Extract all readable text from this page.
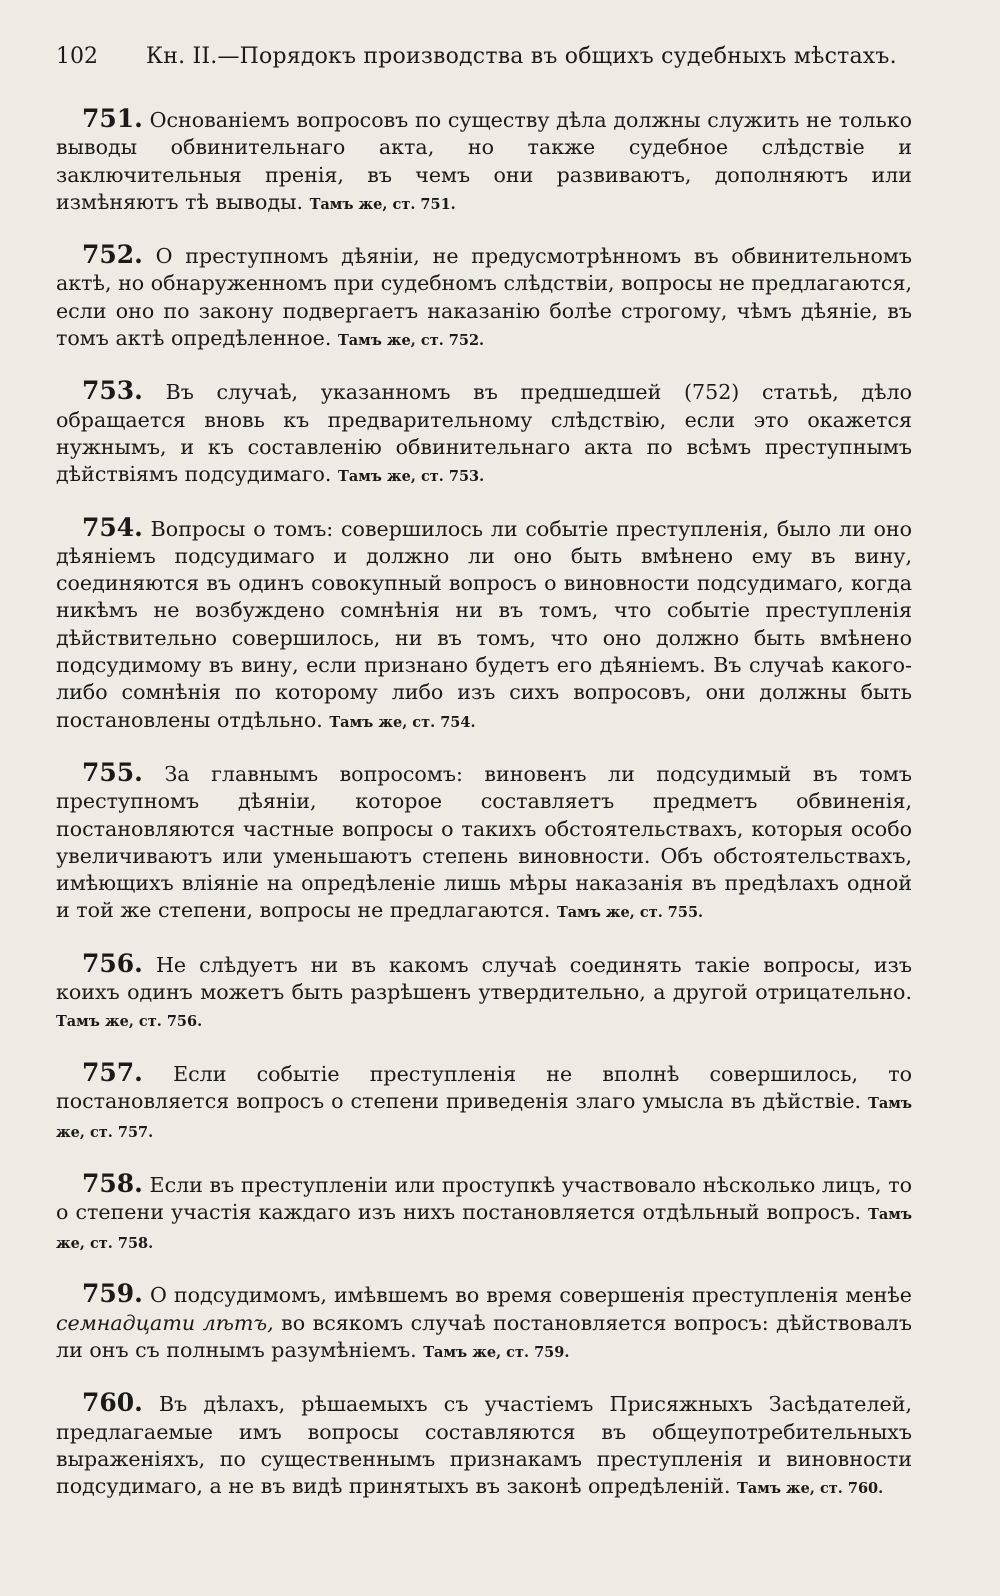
102	Кн. II.—Порядокъ производства въ общихъ судебныхъ мѣстахъ.

751. Основаніемъ вопросовъ по существу дѣла должны служить не только выводы обвинительнаго акта, но также судебное слѣдствіе и заключительныя пренія, въ чемъ они развиваютъ, дополняютъ или измѣняютъ тѣ выводы. Тамъ же, ст. 751.

752. О преступномъ дѣяніи, не предусмотрѣнномъ въ обвинительномъ актѣ, но обнаруженномъ при судебномъ слѣдствіи, вопросы не предлагаются, если оно по закону подвергаетъ наказанію болѣе строгому, чѣмъ дѣяніе, въ томъ актѣ опредѣленное. Тамъ же, ст. 752.

753. Въ случаѣ, указанномъ въ предшедшей (752) статьѣ, дѣло обращается вновь къ предварительному слѣдствію, если это окажется нужнымъ, и къ составленію обвинительнаго акта по всѣмъ преступнымъ дѣйствіямъ подсудимаго. Тамъ же, ст. 753.

754. Вопросы о томъ: совершилось ли событіе преступленія, было ли оно дѣяніемъ подсудимаго и должно ли оно быть вмѣнено ему въ вину, соединяются въ одинъ совокупный вопросъ о виновности подсудимаго, когда никѣмъ не возбуждено сомнѣнія ни въ томъ, что событіе преступленія дѣйствительно совершилось, ни въ томъ, что оно должно быть вмѣнено подсудимому въ вину, если признано будетъ его дѣяніемъ. Въ случаѣ какого-либо сомнѣнія по которому либо изъ сихъ вопросовъ, они должны быть постановлены отдѣльно. Тамъ же, ст. 754.

755. За главнымъ вопросомъ: виновенъ ли подсудимый въ томъ преступномъ дѣяніи, которое составляетъ предметъ обвиненія, постановляются частные вопросы о такихъ обстоятельствахъ, которыя особо увеличиваютъ или уменьшаютъ степень виновности. Объ обстоятельствахъ, имѣющихъ вліяніе на опредѣленіе лишь мѣры наказанія въ предѣлахъ одной и той же степени, вопросы не предлагаются. Тамъ же, ст. 755.

756. Не слѣдуетъ ни въ какомъ случаѣ соединять такіе вопросы, изъ коихъ одинъ можетъ быть разрѣшенъ утвердительно, а другой отрицательно. Тамъ же, ст. 756.

757. Если событіе преступленія не вполнѣ совершилось, то постановляется вопросъ о степени приведенія злаго умысла въ дѣйствіе. Тамъ же, ст. 757.

758. Если въ преступленіи или проступкѣ участвовало нѣсколько лицъ, то о степени участія каждаго изъ нихъ постановляется отдѣльный вопросъ. Тамъ же, ст. 758.

759. О подсудимомъ, имѣвшемъ во время совершенія преступленія менѣе семнадцати лѣтъ, во всякомъ случаѣ постановляется вопросъ: дѣйствовалъ ли онъ съ полнымъ разумѣніемъ. Тамъ же, ст. 759.

760. Въ дѣлахъ, рѣшаемыхъ съ участіемъ Присяжныхъ Засѣдателей, предлагаемые имъ вопросы составляются въ общеупотребительныхъ выраженіяхъ, по существеннымъ признакамъ преступленія и виновности подсудимаго, а не въ видѣ принятыхъ въ законѣ опредѣленій. Тамъ же, ст. 760.
